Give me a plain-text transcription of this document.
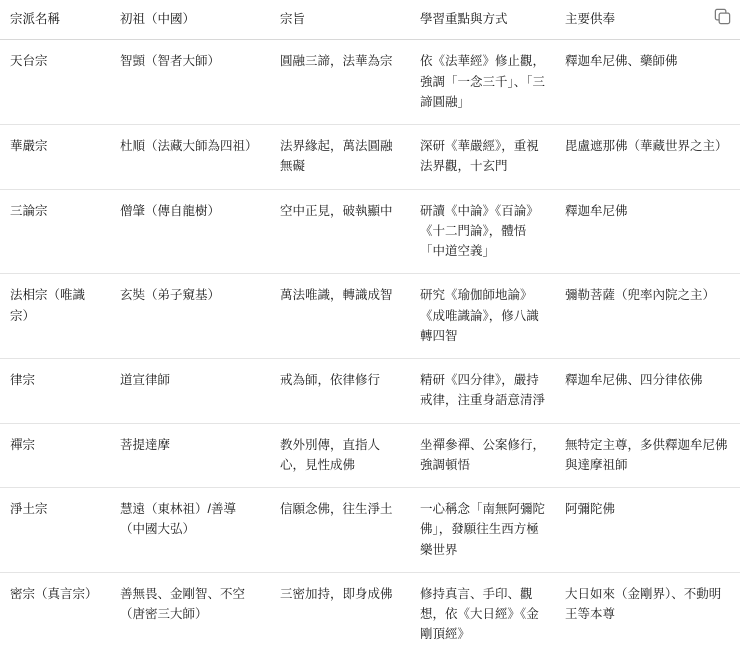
宗派名稱	初祖（中國）	宗旨	學習重點與方式	主要供奉
天台宗	智顗（智者大師）	圓融三諦，法華為宗	依《法華經》修止觀，強調「一念三千」、「三諦圓融」	釋迦牟尼佛、藥師佛
華嚴宗	杜順（法藏大師為四祖）	法界緣起，萬法圓融無礙	深研《華嚴經》，重視法界觀，十玄門	毘盧遮那佛（華藏世界之主）
三論宗	僧肇（傳自龍樹）	空中正見，破執顯中	研讀《中論》《百論》《十二門論》，體悟「中道空義」	釋迦牟尼佛
法相宗（唯識宗）	玄奘（弟子窺基）	萬法唯識，轉識成智	研究《瑜伽師地論》《成唯識論》，修八識轉四智	彌勒菩薩（兜率內院之主）
律宗	道宣律師	戒為師，依律修行	精研《四分律》，嚴持戒律，注重身語意清淨	釋迦牟尼佛、四分律依佛
禪宗	菩提達摩	教外別傳，直指人心，見性成佛	坐禪參禪、公案修行，強調頓悟	無特定主尊，多供釋迦牟尼佛與達摩祖師
淨土宗	慧遠（東林祖）/善導（中國大弘）	信願念佛，往生淨土	一心稱念「南無阿彌陀佛」，發願往生西方極樂世界	阿彌陀佛
密宗（真言宗）	善無畏、金剛智、不空（唐密三大師）	三密加持，即身成佛	修持真言、手印、觀想，依《大日經》《金剛頂經》	大日如來（金剛界）、不動明王等本尊
